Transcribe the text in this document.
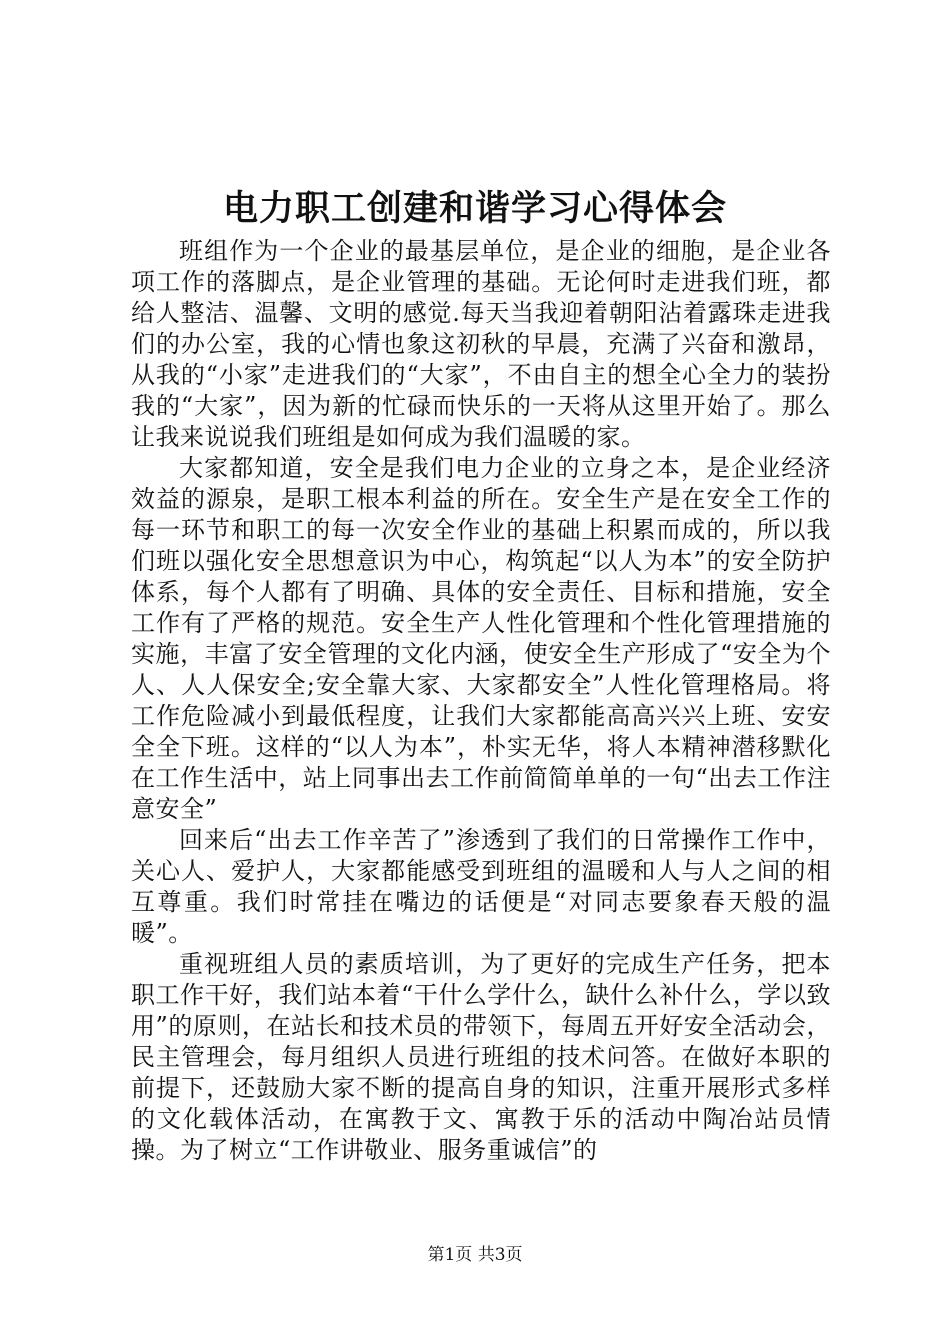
电力职工创建和谐学习心得体会

班组作为一个企业的最基层单位，是企业的细胞，是企业各项工作的落脚点，是企业管理的基础。无论何时走进我们班，都给人整洁、温馨、文明的感觉.每天当我迎着朝阳沾着露珠走进我们的办公室，我的心情也象这初秋的早晨，充满了兴奋和激昂，从我的“小家”走进我们的“大家”，不由自主的想全心全力的装扮我的“大家”，因为新的忙碌而快乐的一天将从这里开始了。那么让我来说说我们班组是如何成为我们温暖的家。

大家都知道，安全是我们电力企业的立身之本，是企业经济效益的源泉，是职工根本利益的所在。安全生产是在安全工作的每一环节和职工的每一次安全作业的基础上积累而成的，所以我们班以强化安全思想意识为中心，构筑起“以人为本”的安全防护体系，每个人都有了明确、具体的安全责任、目标和措施，安全工作有了严格的规范。安全生产人性化管理和个性化管理措施的实施，丰富了安全管理的文化内涵，使安全生产形成了“安全为个人、人人保安全;安全靠大家、大家都安全”人性化管理格局。将工作危险减小到最低程度，让我们大家都能高高兴兴上班、安安全全下班。这样的“以人为本”，朴实无华，将人本精神潜移默化在工作生活中，站上同事出去工作前简简单单的一句“出去工作注意安全”

回来后“出去工作辛苦了”渗透到了我们的日常操作工作中，关心人、爱护人，大家都能感受到班组的温暖和人与人之间的相互尊重。我们时常挂在嘴边的话便是“对同志要象春天般的温暖”。

重视班组人员的素质培训，为了更好的完成生产任务，把本职工作干好，我们站本着“干什么学什么，缺什么补什么，学以致用”的原则，在站长和技术员的带领下，每周五开好安全活动会，民主管理会，每月组织人员进行班组的技术问答。在做好本职的前提下，还鼓励大家不断的提高自身的知识，注重开展形式多样的文化载体活动，在寓教于文、寓教于乐的活动中陶冶站员情操。为了树立“工作讲敬业、服务重诚信”的

第1页 共3页
